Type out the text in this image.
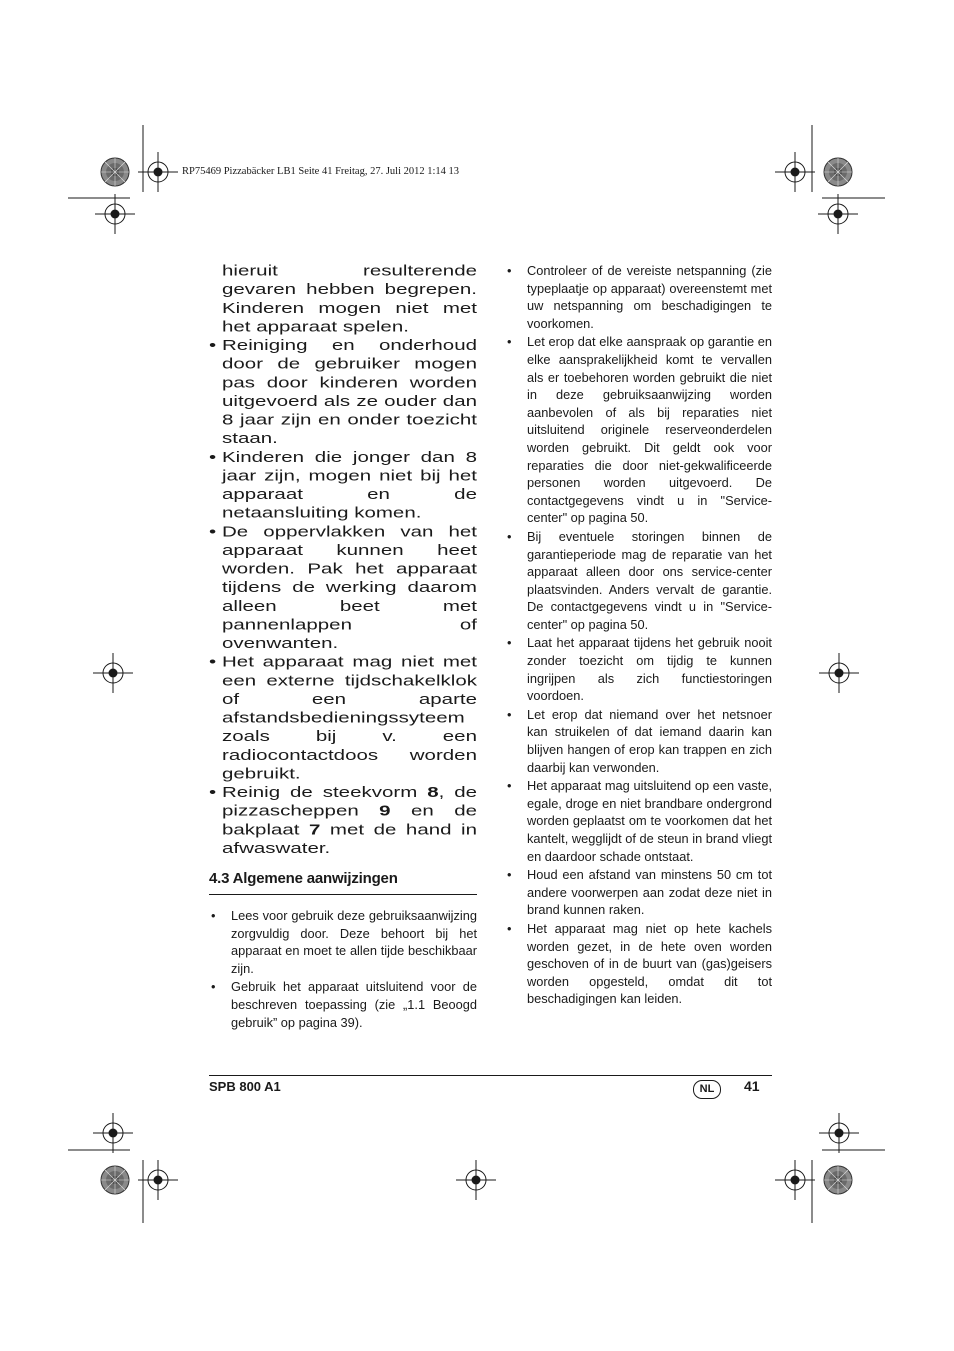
RP75469 Pizzabäcker LB1 Seite 41 Freitag, 27. Juli 2012 1:14 13

hieruit resulterende gevaren hebben begrepen. Kinderen mogen niet met het apparaat spelen.

• Reiniging en onderhoud door de gebruiker mogen pas door kinderen worden uitgevoerd als ze ouder dan 8 jaar zijn en onder toezicht staan.

• Kinderen die jonger dan 8 jaar zijn, mogen niet bij het apparaat en de netaansluiting komen.

• De oppervlakken van het apparaat kunnen heet worden. Pak het apparaat tijdens de werking daarom alleen beet met pannenlappen of ovenwanten.

• Het apparaat mag niet met een externe tijdschakelklok of een aparte afstandsbedieningssyteem zoals bij v. een radiocontactdoos worden gebruikt.

• Reinig de steekvorm 8, de pizzascheppen 9 en de bakplaat 7 met de hand in afwaswater.

4.3 Algemene aanwijzingen
• Lees voor gebruik deze gebruiksaanwijzing zorgvuldig door. Deze behoort bij het apparaat en moet te allen tijde beschikbaar zijn.
• Gebruik het apparaat uitsluitend voor de beschreven toepassing (zie „1.1 Beoogd gebruik” op pagina 39).
• Controleer of de vereiste netspanning (zie typeplaatje op apparaat) overeenstemt met uw netspanning om beschadigingen te voorkomen.
• Let erop dat elke aanspraak op garantie en elke aansprakelijkheid komt te vervallen als er toebehoren worden gebruikt die niet in deze gebruiksaanwijzing worden aanbevolen of als bij reparaties niet uitsluitend originele reserveonderdelen worden gebruikt. Dit geldt ook voor reparaties die door niet-gekwalificeerde personen worden uitgevoerd. De contactgegevens vindt u in "Service-center" op pagina 50.
• Bij eventuele storingen binnen de garantieperiode mag de reparatie van het apparaat alleen door ons service-center plaatsvinden. Anders vervalt de garantie. De contactgegevens vindt u in "Service-center" op pagina 50.
• Laat het apparaat tijdens het gebruik nooit zonder toezicht om tijdig te kunnen ingrijpen als zich functiestoringen voordoen.
• Let erop dat niemand over het netsnoer kan struikelen of dat iemand daarin kan blijven hangen of erop kan trappen en zich daarbij kan verwonden.
• Het apparaat mag uitsluitend op een vaste, egale, droge en niet brandbare ondergrond worden geplaatst om te voorkomen dat het kantelt, wegglijdt of de steun in brand vliegt en daardoor schade ontstaat.
• Houd een afstand van minstens 50 cm tot andere voorwerpen aan zodat deze niet in brand kunnen raken.
• Het apparaat mag niet op hete kachels worden gezet, in de hete oven worden geschoven of in de buurt van (gas)geisers worden opgesteld, omdat dit tot beschadigingen kan leiden.
SPB 800 A1	NL	41
